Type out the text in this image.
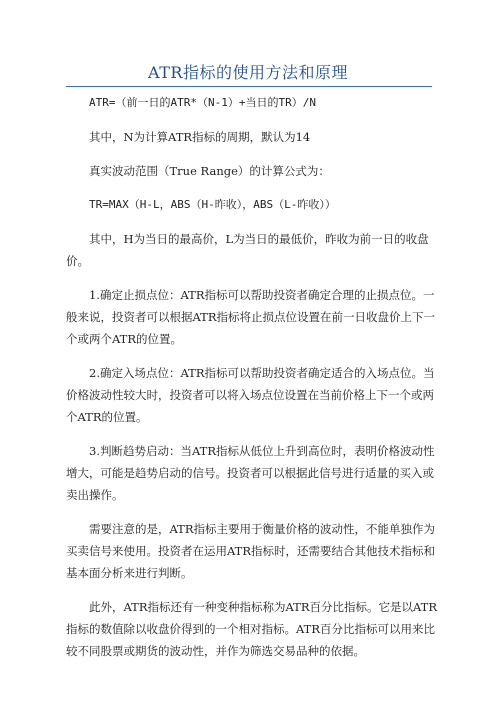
ATR指标的使用方法和原理

ATR=（前一日的ATR*（N-1）+当日的TR）/N

其中，N为计算ATR指标的周期，默认为14

真实波动范围（True Range）的计算公式为：

TR=MAX（H-L，ABS（H-昨收），ABS（L-昨收））

其中，H为当日的最高价，L为当日的最低价，昨收为前一日的收盘价。

1.确定止损点位：ATR指标可以帮助投资者确定合理的止损点位。一般来说，投资者可以根据ATR指标将止损点位设置在前一日收盘价上下一个或两个ATR的位置。

2.确定入场点位：ATR指标可以帮助投资者确定适合的入场点位。当价格波动性较大时，投资者可以将入场点位设置在当前价格上下一个或两个ATR的位置。

3.判断趋势启动：当ATR指标从低位上升到高位时，表明价格波动性增大，可能是趋势启动的信号。投资者可以根据此信号进行适量的买入或卖出操作。

需要注意的是，ATR指标主要用于衡量价格的波动性，不能单独作为买卖信号来使用。投资者在运用ATR指标时，还需要结合其他技术指标和基本面分析来进行判断。

此外，ATR指标还有一种变种指标称为ATR百分比指标。它是以ATR指标的数值除以收盘价得到的一个相对指标。ATR百分比指标可以用来比较不同股票或期货的波动性，并作为筛选交易品种的依据。
